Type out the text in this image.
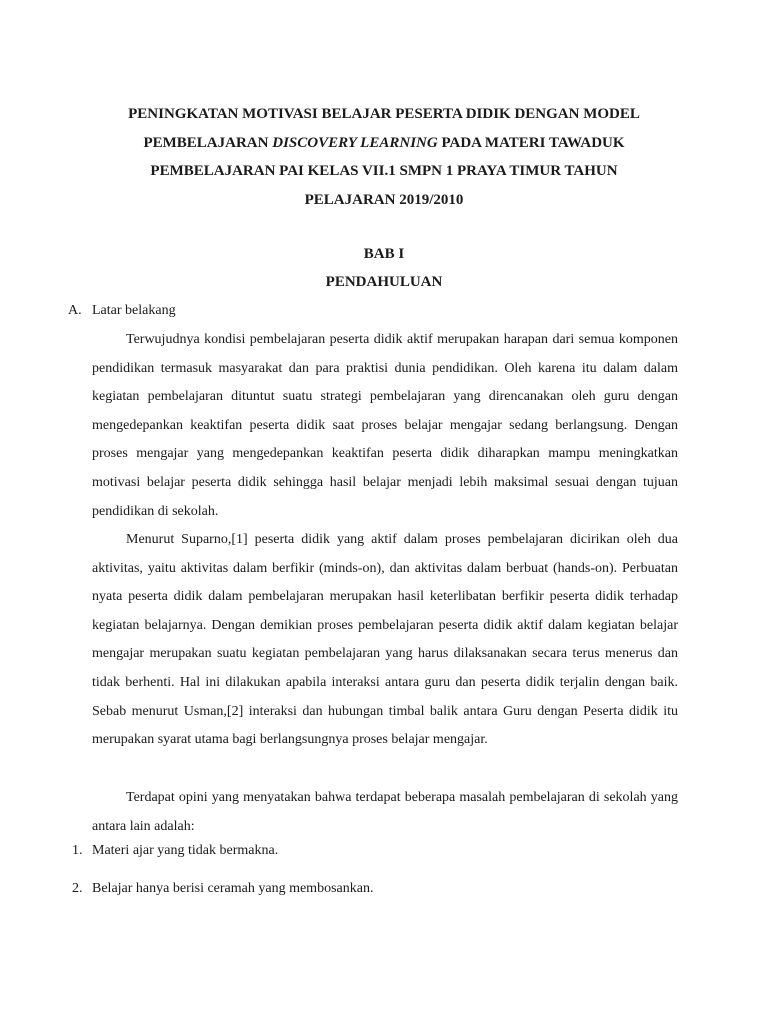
PENINGKATAN MOTIVASI BELAJAR PESERTA DIDIK DENGAN MODEL
PEMBELAJARAN DISCOVERY LEARNING PADA MATERI TAWADUK
PEMBELAJARAN PAI KELAS VII.1 SMPN 1 PRAYA TIMUR TAHUN
PELAJARAN 2019/2010
BAB I
PENDAHULUAN
A. Latar belakang

Terwujudnya kondisi pembelajaran peserta didik aktif merupakan harapan dari semua komponen pendidikan termasuk masyarakat dan para praktisi dunia pendidikan. Oleh karena itu dalam dalam kegiatan pembelajaran dituntut suatu strategi pembelajaran yang direncanakan oleh guru dengan mengedepankan keaktifan peserta didik saat proses belajar mengajar sedang berlangsung. Dengan proses mengajar yang mengedepankan keaktifan peserta didik diharapkan mampu meningkatkan motivasi belajar peserta didik sehingga hasil belajar menjadi lebih maksimal sesuai dengan tujuan pendidikan di sekolah.

Menurut Suparno,[1] peserta didik yang aktif dalam proses pembelajaran dicirikan oleh dua aktivitas, yaitu aktivitas dalam berfikir (minds-on), dan aktivitas dalam berbuat (hands-on). Perbuatan nyata peserta didik dalam pembelajaran merupakan hasil keterlibatan berfikir peserta didik terhadap kegiatan belajarnya. Dengan demikian proses pembelajaran peserta didik aktif dalam kegiatan belajar mengajar merupakan suatu kegiatan pembelajaran yang harus dilaksanakan secara terus menerus dan tidak berhenti. Hal ini dilakukan apabila interaksi antara guru dan peserta didik terjalin dengan baik. Sebab menurut Usman,[2] interaksi dan hubungan timbal balik antara Guru dengan Peserta didik itu merupakan syarat utama bagi berlangsungnya proses belajar mengajar.

Terdapat opini yang menyatakan bahwa terdapat beberapa masalah pembelajaran di sekolah yang antara lain adalah:

1. Materi ajar yang tidak bermakna.
2. Belajar hanya berisi ceramah yang membosankan.
